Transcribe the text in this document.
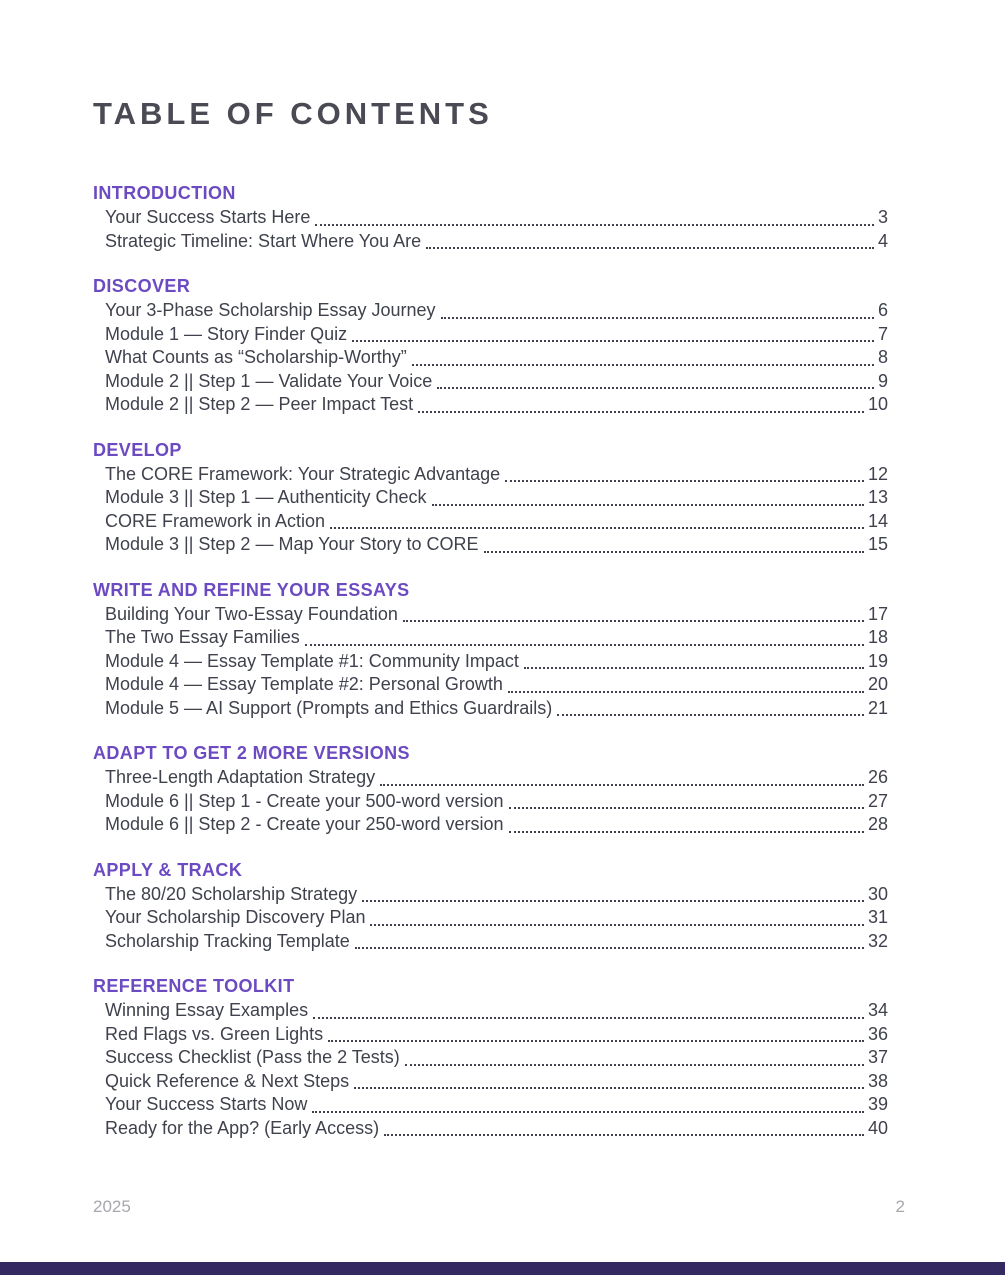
TABLE OF CONTENTS
INTRODUCTION
Your Success Starts Here	3
Strategic Timeline: Start Where You Are	4
DISCOVER
Your 3-Phase Scholarship Essay Journey	6
Module 1 — Story Finder Quiz	7
What Counts as “Scholarship-Worthy”	8
Module 2 || Step 1 — Validate Your Voice	9
Module 2 || Step 2 — Peer Impact Test	10
DEVELOP
The CORE Framework: Your Strategic Advantage	12
Module 3 || Step 1 — Authenticity Check	13
CORE Framework in Action	14
Module 3 || Step 2 — Map Your Story to CORE	15
WRITE AND REFINE YOUR ESSAYS
Building Your Two-Essay Foundation	17
The Two Essay Families	18
Module 4 — Essay Template #1: Community Impact	19
Module 4 — Essay Template #2: Personal Growth	20
Module 5 — AI Support (Prompts and Ethics Guardrails)	21
ADAPT TO GET 2 MORE VERSIONS
Three-Length Adaptation Strategy	26
Module 6 || Step 1 - Create your 500-word version	27
Module 6 || Step 2 - Create your 250-word version	28
APPLY & TRACK
The 80/20 Scholarship Strategy	30
Your Scholarship Discovery Plan	31
Scholarship Tracking Template	32
REFERENCE TOOLKIT
Winning Essay Examples	34
Red Flags vs. Green Lights	36
Success Checklist (Pass the 2 Tests)	37
Quick Reference & Next Steps	38
Your Success Starts Now	39
Ready for the App? (Early Access)	40
2025	2
